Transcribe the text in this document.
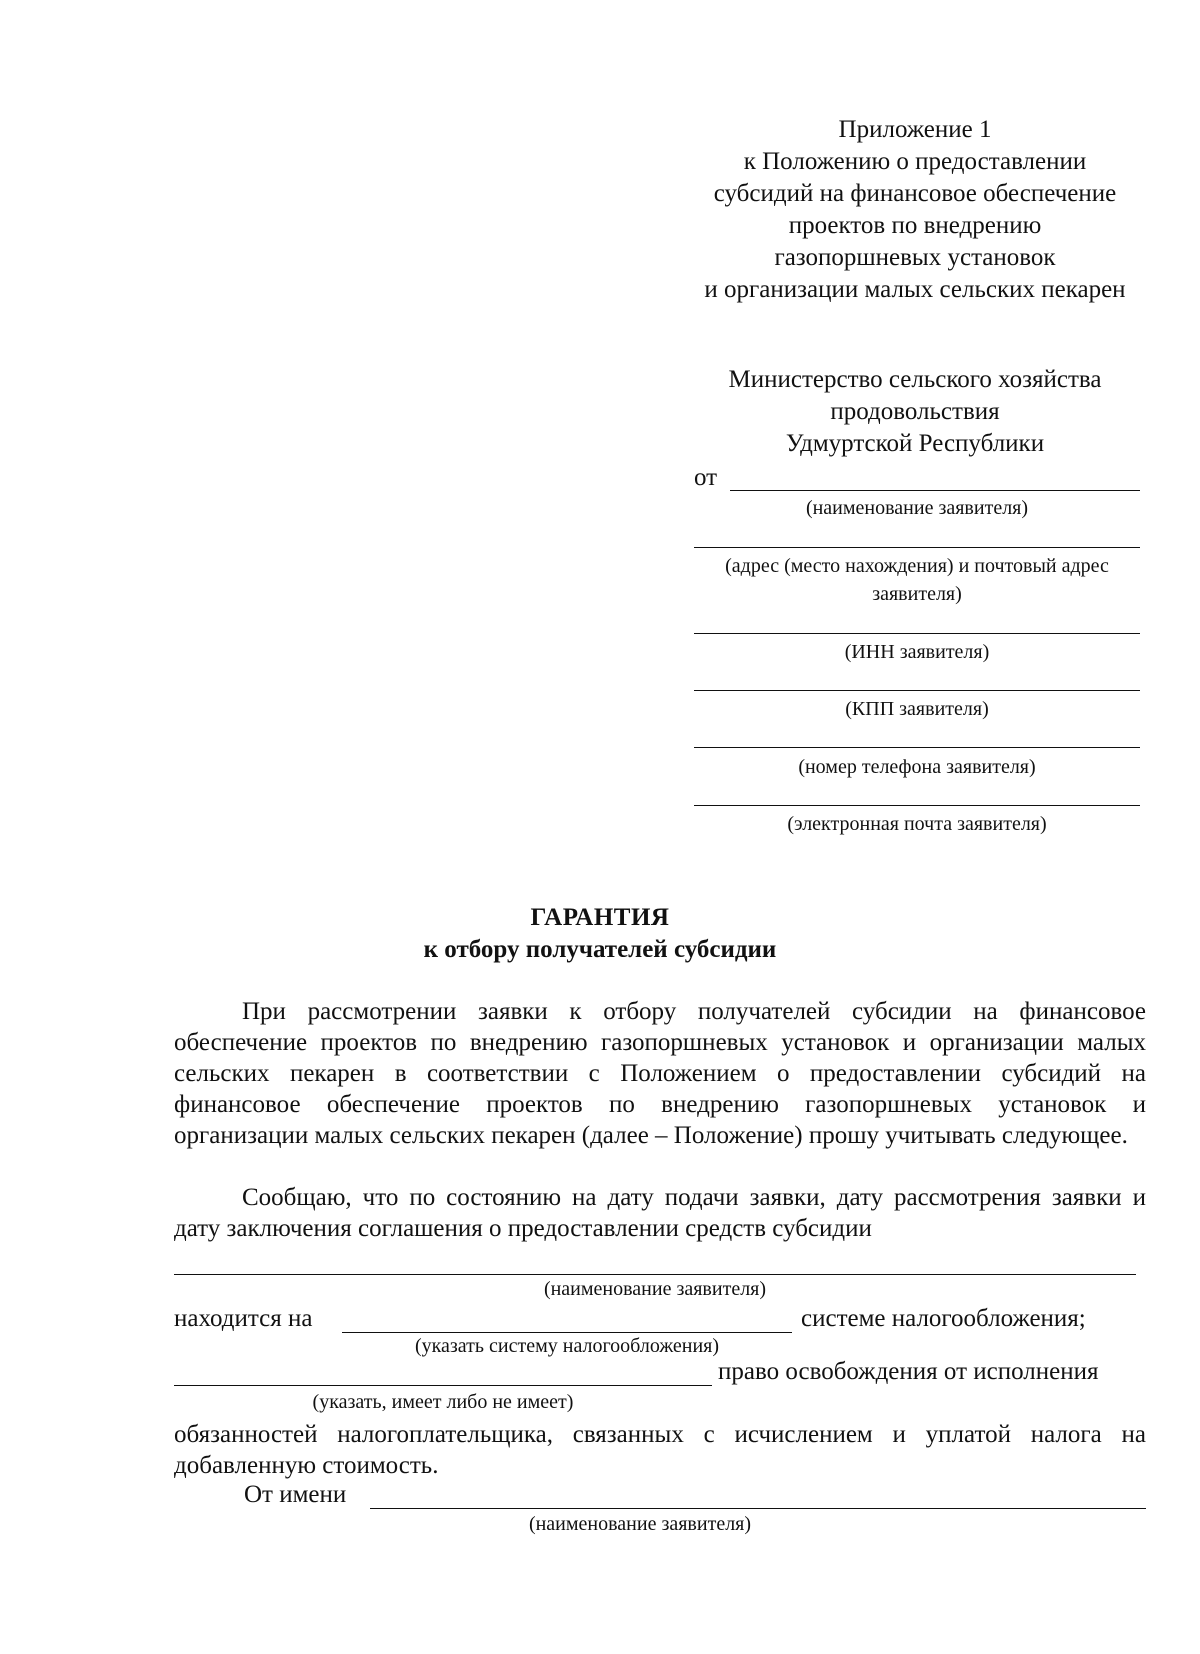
Приложение 1
к Положению о предоставлении
субсидий на финансовое обеспечение
проектов по внедрению
газопоршневых установок
и организации малых сельских пекарен
Министерство сельского хозяйства
продовольствия
Удмуртской Республики
от
(наименование заявителя)
(адрес (место нахождения) и почтовый адрес заявителя)
(ИНН заявителя)
(КПП заявителя)
(номер телефона заявителя)
(электронная почта заявителя)
ГАРАНТИЯ
к отбору получателей субсидии
При рассмотрении заявки к отбору получателей субсидии на финансовое обеспечение проектов по внедрению газопоршневых установок и организации малых сельских пекарен в соответствии с Положением о предоставлении субсидий на финансовое обеспечение проектов по внедрению газопоршневых установок и организации малых сельских пекарен (далее – Положение) прошу учитывать следующее.
Сообщаю, что по состоянию на дату подачи заявки, дату рассмотрения заявки и дату заключения соглашения о предоставлении средств субсидии
(наименование заявителя)
находится на	системе налогообложения;
(указать систему налогообложения)
право освобождения от исполнения
(указать, имеет либо не имеет)
обязанностей налогоплательщика, связанных с исчислением и уплатой налога на добавленную стоимость.
От имени
(наименование заявителя)
